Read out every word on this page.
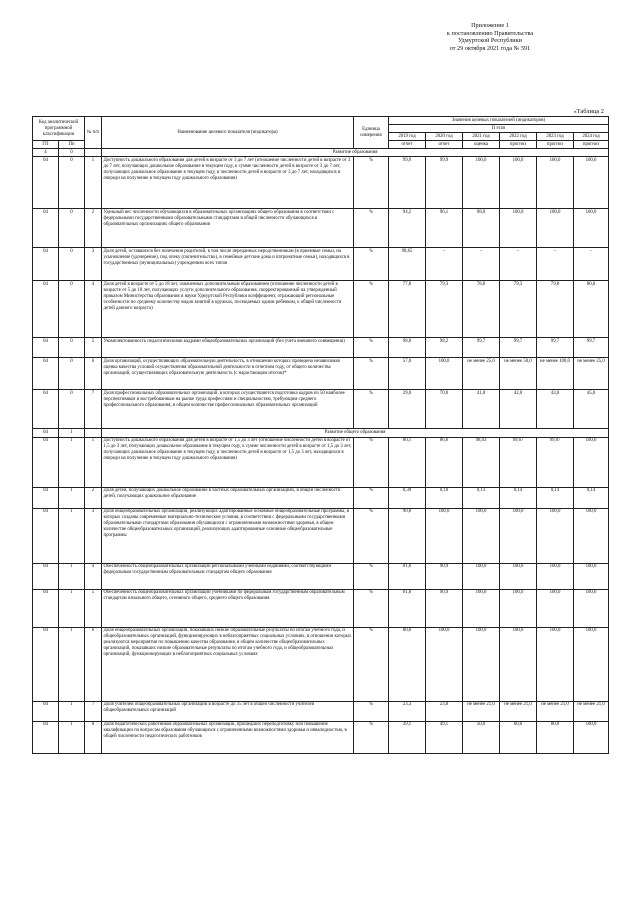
Приложение 1
к постановлению Правительства
Удмуртской Республики
от 29 октября 2021 года № 591
«Таблица 2
Код аналитической программной классификации		№ п/п	Наименование целевого показателя (индикатора)	Единица измерения	Значения целевых показателей (индикаторов)					
					II этап					
					2019 год	2020 год	2021 год	2022 год	2023 год	2024 год
ГП	Пп				отчет	отчет	оценка	прогноз	прогноз	прогноз
4	0		Развитие образования							
04	0	1	Доступность дошкольного образования для детей в возрасте от 3 до 7 лет (отношение численности детей в возрасте от 3 до 7 лет, получающих дошкольное образование в текущем году, к сумме численности детей в возрасте от 3 до 7 лет, получающих дошкольное образование в текущем году, и численности детей в возрасте от 3 до 7 лет, находящихся в очереди на получение в текущем году дошкольного образования)	%	99,9	99,9	100,0	100,0	100,0	100,0
04	0	2	Удельный вес численности обучающихся в образовательных организациях общего образования в соответствии с федеральными государственными образовательными стандартами в общей численности обучающихся в образовательных организациях общего образования	%	94,2	96,1	98,0	100,0	100,0	100,0
04	0	3	Доля детей, оставшихся без попечения родителей, в том числе переданных неродственникам (в приемные семьи, на усыновление (удочерение), под опеку (попечительство), в семейные детские дома и патронатные семьи), находящихся в государственных (муниципальных) учреждениях всех типов	%	98,65	–	–	–	–	–
04	0	4	Доля детей в возрасте от 5 до 18 лет, охваченных дополнительным образованием (отношение численности детей в возрасте от 5 до 18 лет, получающих услуги дополнительного образования, скорректированный на утвержденный приказом Министерства образования и науки Удмуртской Республики коэффициент, отражающий региональные особенности по среднему количеству видов занятий в кружках, посещаемых одним ребенком, к общей численности детей данного возраста)	%	77,8	79,3	78,8	79,3	79,8	80,0
04	0	5	Укомплектованность педагогическими кадрами общеобразовательных организаций (без учета внешнего совмещения)	%	98,8	98,2	99,7	99,7	99,7	99,7
04	0	6	Доля организаций, осуществляющих образовательную деятельность, в отношении которых проведена независимая оценка качества условий осуществления образовательной деятельности в отчетном году, от общего количества организаций, осуществляющих образовательную деятельность (с нарастающим итогом)*	%	57,0	100,0	не менее 25,0	не менее 50,0	не менее 100,0	не менее 25,0
04	0	7	Доля профессиональных образовательных организаций, в которых осуществляется подготовка кадров по 50 наиболее перспективным и востребованным на рынке труда профессиям и специальностям, требующим среднего профессионального образования, в общем количестве профессиональных образовательных организаций	%	39,0	70,0	41,0	42,0	43,0	45,0
04	1		Развитие общего образования							
04	1	1	Доступность дошкольного образования для детей в возрасте от 1,5 до 3 лет (отношение численности детей в возрасте от 1,5 до 3 лет, получающих дошкольное образование в текущем году, к сумме численности детей в возрасте от 1,5 до 3 лет, получающих дошкольное образование в текущем году, и численности детей в возрасте от 1,5 до 3 лет, находящихся в очереди на получение в текущем году дошкольного образования)	%	80,1	86,6	98,03	99,67	99,87	100,0
04	1	2	Доля детей, получающих дошкольное образование в частных образовательных организациях, в общей численности детей, получающих дошкольное образование	%	0,30	0,18	0,13	0,14	0,14	0,14
04	1	3	Доля общеобразовательных организаций, реализующих адаптированные основные общеобразовательные программы, в которых созданы современные материально-технические условия, в соответствии с федеральными государственными образовательными стандартами образования обучающихся с ограниченными возможностями здоровья, в общем количестве общеобразовательных организаций, реализующих адаптированные основные общеобразовательные программы	%	90,6	100,0	100,0	100,0	100,0	100,0
04	1	4	Обеспеченность общеобразовательных организаций региональными учебными изданиями, соответствующими федеральным государственным образовательным стандартам общего образования	%	81,8	90,9	100,0	100,0	100,0	100,0
04	1	5	Обеспеченность общеобразовательных организаций учебниками по федеральным государственным образовательным стандартам начального общего, основного общего, среднего общего образования	%	81,8	90,9	100,0	100,0	100,0	100,0
04	1	6	Доля общеобразовательных организаций, показавших низкие образовательные результаты по итогам учебного года, и общеобразовательных организаций, функционирующих в неблагоприятных социальных условиях, в отношении которых реализуются мероприятия по повышению качества образования, в общем количестве общеобразовательных организаций, показавших низкие образовательные результаты по итогам учебного года, и общеобразовательных организаций, функционирующих в неблагоприятных социальных условиях	%	80,0	100,0	100,0	100,0	100,0	100,0
04	1	7	Доля учителей общеобразовательных организаций в возрасте до 35 лет в общей численности учителей общеобразовательных организаций	%	23,3	23,8	не менее 21,0	не менее 21,0	не менее 21,0	не менее 21,0
04	1	8	Доля педагогических работников образовательных организаций, прошедших переподготовку или повышение квалификации по вопросам образования обучающихся с ограниченными возможностями здоровья и инвалидностью, в общей численности педагогических работников	%	39,1	49,1	50,0	60,0	80,0	100,0
